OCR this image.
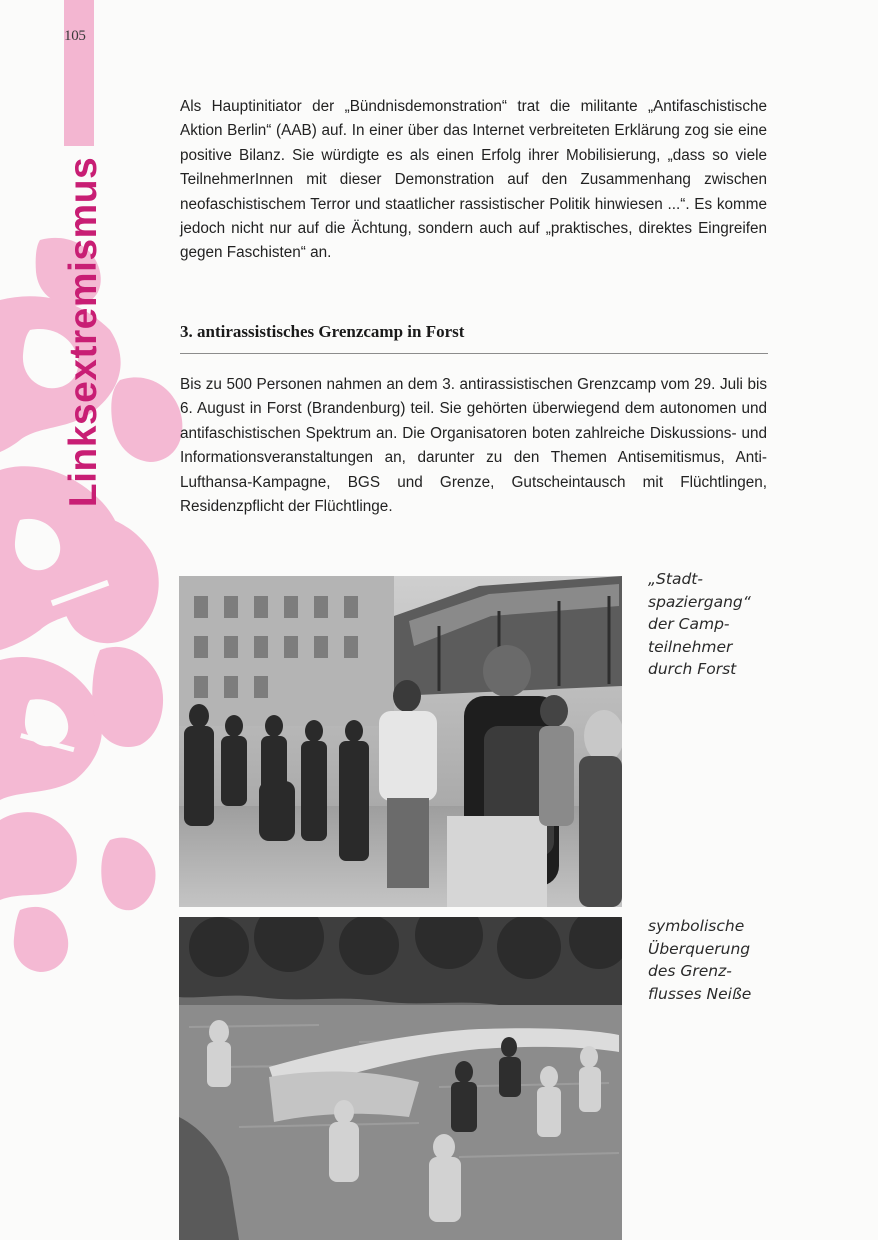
105
Linksextremismus

Als Hauptinitiator der „Bündnisdemonstration“ trat die militante „Antifaschistische Aktion Berlin“ (AAB) auf. In einer über das Internet verbreiteten Erklärung zog sie eine positive Bilanz. Sie würdigte es als einen Erfolg ihrer Mobilisierung, „dass so viele TeilnehmerInnen mit dieser Demonstration auf den Zusammenhang zwischen neofaschistischem Terror und staatlicher rassistischer Politik hinwiesen ...“. Es komme jedoch nicht nur auf die Ächtung, sondern auch auf „praktisches, direktes Eingreifen gegen Faschisten“ an.

3. antirassistisches Grenzcamp in Forst

Bis zu 500 Personen nahmen an dem 3. antirassistischen Grenzcamp vom 29. Juli bis 6. August in Forst (Brandenburg) teil. Sie gehörten überwiegend dem autonomen und antifaschistischen Spektrum an. Die Organisatoren boten zahlreiche Diskussions- und Informationsveranstaltungen an, darunter zu den Themen Antisemitismus, Anti-Lufthansa-Kampagne, BGS und Grenze, Gutscheintausch mit Flüchtlingen, Residenzpflicht der Flüchtlinge.

„Stadt-
spaziergang“
der Camp-
teilnehmer
durch Forst
symbolische
Überquerung
des Grenz-
flusses Neiße
